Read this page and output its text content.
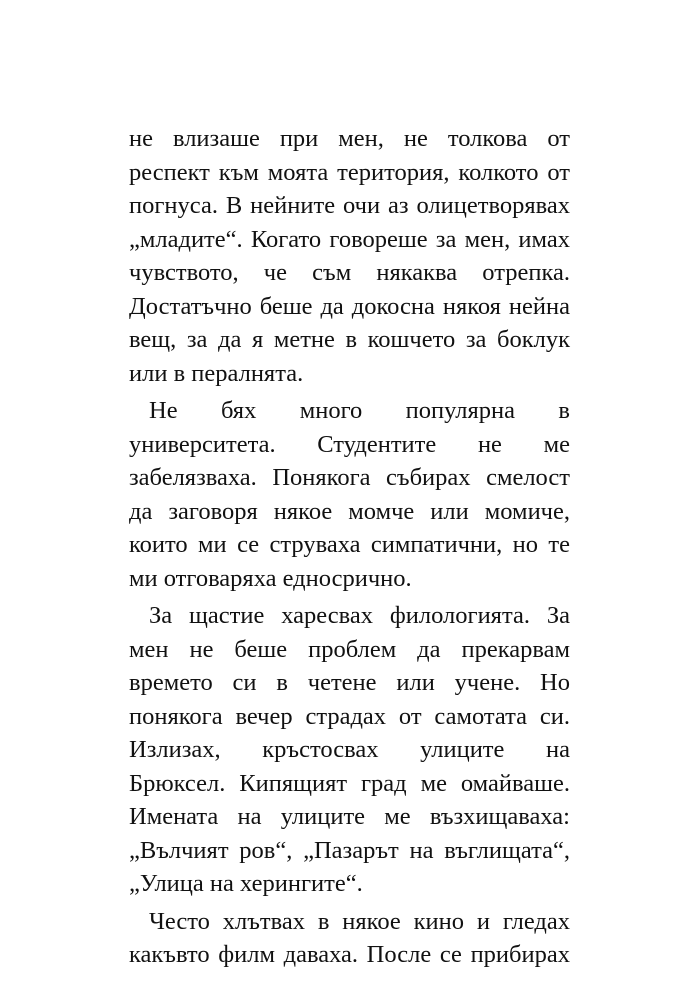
не влизаше при мен, не толкова от
респект към моята територия, колкото от
погнуса. В нейните очи аз олицетворявах
„младите“. Когато говореше за мен, имах
чувството, че съм някаква отрепка.
Достатъчно беше да докосна някоя нейна
вещ, за да я метне в кошчето за боклук
или в пералнята.
Не бях много популярна в
университета. Студентите не ме
забелязваха. Понякога събирах смелост
да заговоря някое момче или момиче,
които ми се струваха симпатични, но те
ми отговаряха едносрично.
За щастие харесвах филологията. За
мен не беше проблем да прекарвам
времето си в четене или учене. Но
понякога вечер страдах от самотата си.
Излизах, кръстосвах улиците на
Брюксел. Кипящият град ме омайваше.
Имената на улиците ме възхищаваха:
„Вълчият ров“, „Пазарът на въглищата“,
„Улица на херингите“.
Често хлътвах в някое кино и гледах
какъвто филм даваха. После се прибирах
